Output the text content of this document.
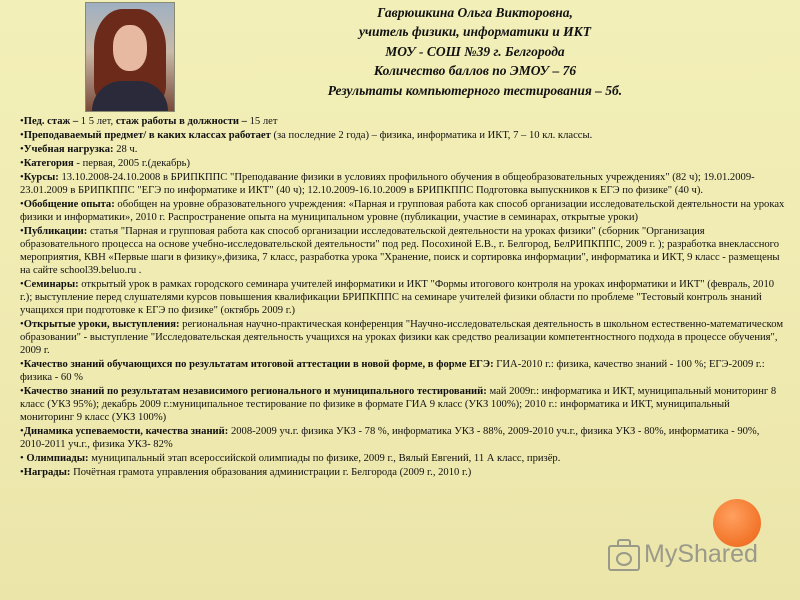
Гаврюшкина Ольга Викторовна,
учитель физики, информатики и ИКТ
МОУ - СОШ №39 г. Белгорода
Количество баллов по ЭМОУ – 76
Результаты компьютерного тестирования – 5б.

•Пед. стаж – 1 5 лет, стаж работы в должности – 15 лет

•Преподаваемый предмет/ в каких классах работает (за последние 2 года) – физика, информатика и ИКТ, 7 – 10 кл. классы.

•Учебная нагрузка: 28 ч.

•Категория - первая, 2005 г.(декабрь)

•Курсы: 13.10.2008-24.10.2008 в БРИПКППС "Преподавание физики в условиях профильного обучения в общеобразовательных учреждениях" (82 ч); 19.01.2009-23.01.2009 в БРИПКППС "ЕГЭ по информатике и ИКТ" (40 ч); 12.10.2009-16.10.2009 в БРИПКППС Подготовка выпускников к ЕГЭ по физике" (40 ч).

•Обобщение опыта: обобщен на уровне образовательного учреждения: «Парная и групповая работа как способ организации исследовательской деятельности на уроках физики и информатики», 2010 г. Распространение опыта на муниципальном уровне (публикации, участие в семинарах, открытые уроки)

•Публикации: статья "Парная и групповая работа как способ организации исследовательской деятельности на уроках физики" (сборник "Организация образовательного процесса на основе учебно-исследовательской деятельности" под ред. Посохиной Е.В., г. Белгород, БелРИПКППС, 2009 г. ); разработка внеклассного мероприятия, КВН «Первые шаги в физику»,физика, 7 класс, разработка урока "Хранение, поиск и сортировка информации", информатика и ИКТ, 9 класс - размещены на сайте school39.beluo.ru .

•Семинары: открытый урок в рамках городского семинара учителей информатики и ИКТ "Формы итогового контроля на уроках информатики и ИКТ" (февраль, 2010 г.); выступление перед слушателями курсов повышения квалификации БРИПКППС на семинаре учителей физики области по проблеме "Тестовый контроль знаний учащихся при подготовке к ЕГЭ по физике" (октябрь 2009 г.)

•Открытые уроки, выступления: региональная научно-практическая конференция "Научно-исследовательская деятельность в школьном естественно-математическом образовании" - выступление "Исследовательская деятельность учащихся на уроках физики как средство реализации компетентностного подхода в процессе обучения", 2009 г.

•Качество знаний обучающихся по результатам итоговой аттестации в новой форме, в форме ЕГЭ: ГИА-2010 г.: физика, качество знаний - 100 %; ЕГЭ-2009 г.: физика - 60 %

•Качество знаний по результатам независимого регионального и муниципального тестирований: май 2009г.: информатика и ИКТ, муниципальный мониторинг 8 класс (УКЗ 95%); декабрь 2009 г.:муниципальное тестирование по физике в формате ГИА 9 класс (УКЗ 100%); 2010 г.: информатика и ИКТ, муниципальный мониторинг 9 класс (УКЗ 100%)

•Динамика успеваемости, качества знаний: 2008-2009 уч.г. физика УКЗ - 78 %, информатика УКЗ - 88%, 2009-2010 уч.г., физика УКЗ - 80%, информатика - 90%, 2010-2011 уч.г., физика УКЗ- 82%

• Олимпиады: муниципальный этап всероссийской олимпиады по физике, 2009 г., Вялый Евгений, 11 А класс, призёр.

•Награды: Почётная грамота управления образования администрации г. Белгорода (2009 г., 2010 г.)

MyShared
